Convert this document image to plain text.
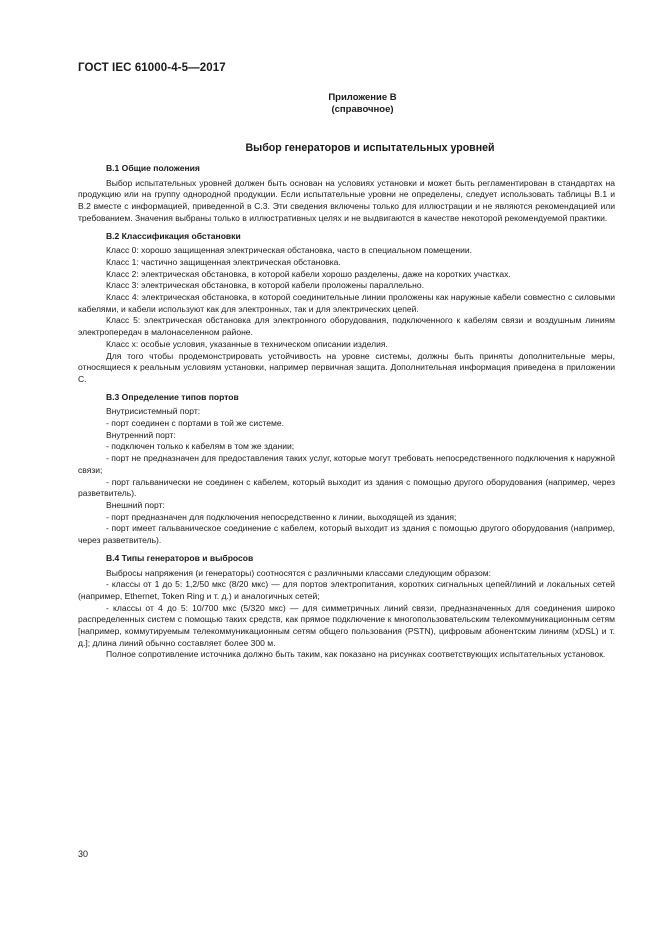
ГОСТ IEC 61000-4-5—2017
Приложение В
(справочное)
Выбор генераторов и испытательных уровней
В.1 Общие положения

Выбор испытательных уровней должен быть основан на условиях установки и может быть регламентирован в стандартах на продукцию или на группу однородной продукции. Если испытательные уровни не определены, следует использовать таблицы В.1 и В.2 вместе с информацией, приведенной в С.3. Эти сведения включены только для иллюстрации и не являются рекомендацией или требованием. Значения выбраны только в иллюстративных целях и не выдвигаются в качестве некоторой рекомендуемой практики.

В.2 Классификация обстановки

Класс 0: хорошо защищенная электрическая обстановка, часто в специальном помещении.

Класс 1: частично защищенная электрическая обстановка.

Класс 2: электрическая обстановка, в которой кабели хорошо разделены, даже на коротких участках.

Класс 3: электрическая обстановка, в которой кабели проложены параллельно.

Класс 4: электрическая обстановка, в которой соединительные линии проложены как наружные кабели совместно с силовыми кабелями, и кабели используют как для электронных, так и для электрических цепей.

Класс 5: электрическая обстановка для электронного оборудования, подключенного к кабелям связи и воздушным линиям электропередач в малонаселенном районе.

Класс x: особые условия, указанные в техническом описании изделия.

Для того чтобы продемонстрировать устойчивость на уровне системы, должны быть приняты дополнительные меры, относящиеся к реальным условиям установки, например первичная защита. Дополнительная информация приведена в приложении С.

В.3 Определение типов портов

Внутрисистемный порт:

- порт соединен с портами в той же системе.

Внутренний порт:

- подключен только к кабелям в том же здании;

- порт не предназначен для предоставления таких услуг, которые могут требовать непосредственного подключения к наружной связи;

- порт гальванически не соединен с кабелем, который выходит из здания с помощью другого оборудования (например, через разветвитель).

Внешний порт:

- порт предназначен для подключения непосредственно к линии, выходящей из здания;

- порт имеет гальваническое соединение с кабелем, который выходит из здания с помощью другого оборудования (например, через разветвитель).

В.4 Типы генераторов и выбросов

Выбросы напряжения (и генераторы) соотносятся с различными классами следующим образом:

- классы от 1 до 5: 1,2/50 мкс (8/20 мкс) — для портов электропитания, коротких сигнальных цепей/линий и локальных сетей (например, Ethernet, Token Ring и т. д.) и аналогичных сетей;

- классы от 4 до 5: 10/700 мкс (5/320 мкс) — для симметричных линий связи, предназначенных для соединения широко распределенных систем с помощью таких средств, как прямое подключение к многопользовательским телекоммуникационным сетям [например, коммутируемым телекоммуникационным сетям общего пользования (PSTN), цифровым абонентским линиям (xDSL) и т. д.]; длина линий обычно составляет более 300 м.

Полное сопротивление источника должно быть таким, как показано на рисунках соответствующих испытательных установок.

30
